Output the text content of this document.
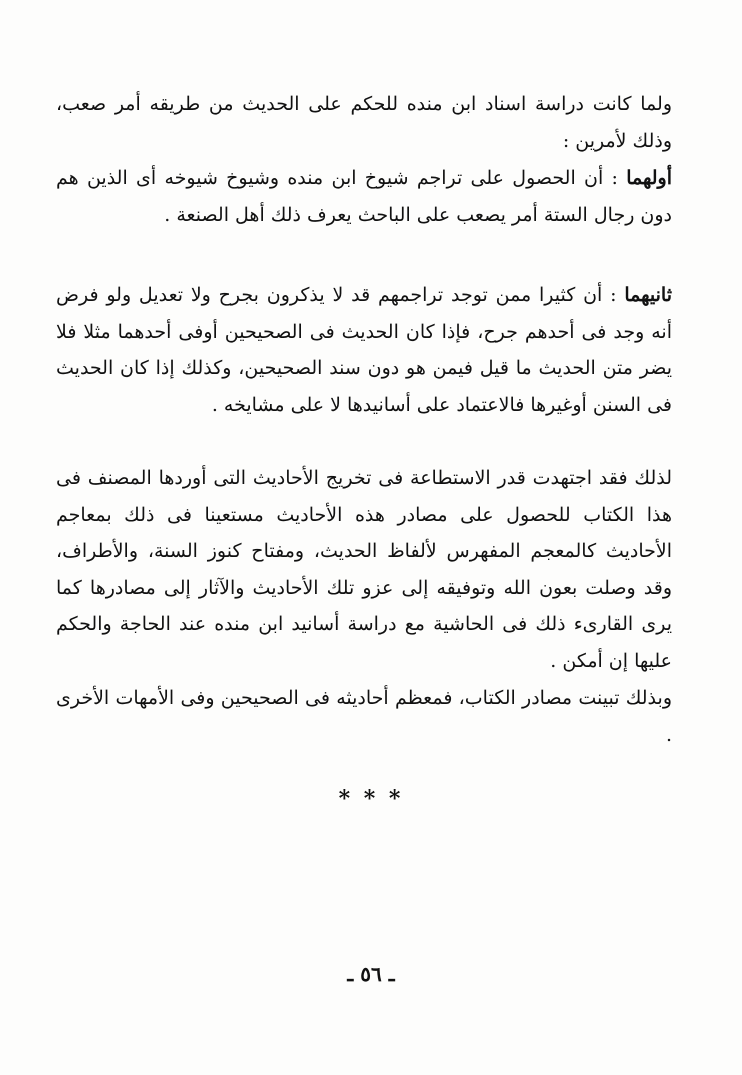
ولما كانت دراسة اسناد ابن منده للحكم على الحديث من طريقه أمر صعب، وذلك لأمرين :
أولهما : أن الحصول على تراجم شيوخ ابن منده وشيوخ شيوخه أى الذين هم دون رجال الستة أمر يصعب على الباحث يعرف ذلك أهل الصنعة .
ثانيهما : أن كثيرا ممن توجد تراجمهم قد لا يذكرون بجرح ولا تعديل ولو فرض أنه وجد فى أحدهم جرح، فإذا كان الحديث فى الصحيحين أوفى أحدهما مثلا فلا يضر متن الحديث ما قيل فيمن هو دون سند الصحيحين، وكذلك إذا كان الحديث فى السنن أوغيرها فالاعتماد على أسانيدها لا على مشايخه .
لذلك فقد اجتهدت قدر الاستطاعة فى تخريج الأحاديث التى أوردها المصنف فى هذا الكتاب للحصول على مصادر هذه الأحاديث مستعينا فى ذلك بمعاجم الأحاديث كالمعجم المفهرس لألفاظ الحديث، ومفتاح كنوز السنة، والأطراف، وقد وصلت بعون الله وتوفيقه إلى عزو تلك الأحاديث والآثار إلى مصادرها كما يرى القارىء ذلك فى الحاشية مع دراسة أسانيد ابن منده عند الحاجة والحكم عليها إن أمكن .
وبذلك تبينت مصادر الكتاب، فمعظم أحاديثه فى الصحيحين وفى الأمهات الأخرى .
* * *
ـ ٥٦ ـ
